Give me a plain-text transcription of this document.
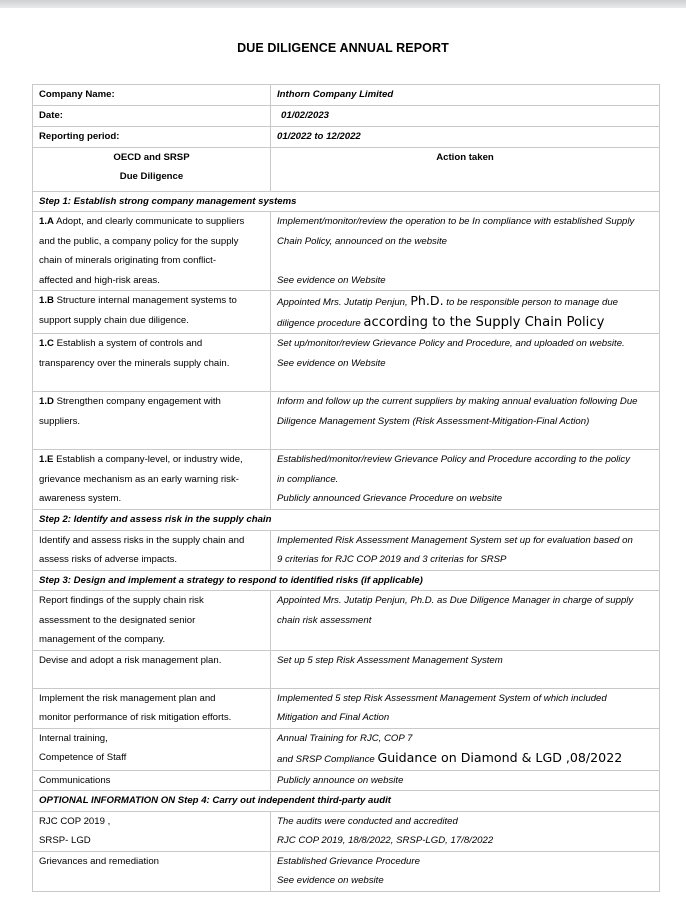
DUE DILIGENCE ANNUAL REPORT
Company Name:	Inthorn Company Limited
Date:	01/02/2023
Reporting period:	01/2022 to 12/2022

OECD and SRSP
Due Diligence	Action taken
Step 1: Establish strong company management systems	

1.A Adopt, and clearly communicate to suppliers
and the public, a company policy for the supply
chain of minerals originating from conflict-
affected and high-risk areas.	Implement/monitor/review the operation to be In compliance with established Supply
Chain Policy, announced on the website
See evidence on Website

1.B Structure internal management systems to
support supply chain due diligence.	Appointed Mrs. Jutatip Penjun, Ph.D. to be responsible person to manage due
diligence procedure according to the Supply Chain Policy

1.C Establish a system of controls and
transparency over the minerals supply chain.	Set up/monitor/review Grievance Policy and Procedure, and uploaded on website.
See evidence on Website

1.D Strengthen company engagement with
suppliers.	Inform and follow up the current suppliers by making annual evaluation following Due
Diligence Management System (Risk Assessment-Mitigation-Final Action)

1.E Establish a company-level, or industry wide,
grievance mechanism as an early warning risk-
awareness system.	Established/monitor/review Grievance Policy and Procedure according to the policy
in compliance.
Publicly announced Grievance Procedure on website

Step 2: Identify and assess risk in the supply chain	

Identify and assess risks in the supply chain and
assess risks of adverse impacts.	Implemented Risk Assessment Management System set up for evaluation based on
9 criterias for RJC COP 2019 and 3 criterias for SRSP

Step 3: Design and implement a strategy to respond to identified risks (if applicable)	

Report findings of the supply chain risk
assessment to the designated senior
management of the company.	Appointed Mrs. Jutatip Penjun, Ph.D. as Due Diligence Manager in charge of supply
chain risk assessment

Devise and adopt a risk management plan.	Set up 5 step Risk Assessment Management System

Implement the risk management plan and
monitor performance of risk mitigation efforts.	Implemented 5 step Risk Assessment Management System of which included
Mitigation and Final Action

Internal training,
Competence of Staff	Annual Training for RJC, COP 7
and SRSP Compliance Guidance on Diamond & LGD ,08/2022

Communications	Publicly announce on website

OPTIONAL INFORMATION ON Step 4: Carry out independent third-party audit	

RJC COP 2019 ,
SRSP- LGD	The audits were conducted and accredited
RJC COP 2019, 18/8/2022, SRSP-LGD, 17/8/2022

Grievances and remediation	Established Grievance Procedure
See evidence on website
